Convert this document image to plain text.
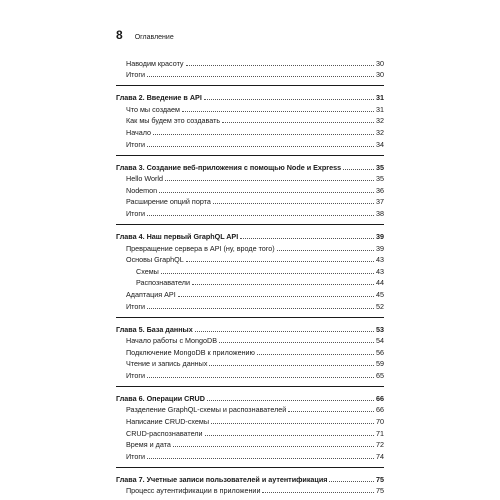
8 Оглавление
Наводим красоту	30
Итоги	30
Глава 2. Введение в API	31
Что мы создаем	31
Как мы будем это создавать	32
Начало	32
Итоги	34
Глава 3. Создание веб-приложения с помощью Node и Express	35
Hello World	35
Nodemon	36
Расширение опций порта	37
Итоги	38
Глава 4. Наш первый GraphQL API	39
Превращение сервера в API (ну, вроде того)	39
Основы GraphQL	43
Схемы	43
Распознаватели	44
Адаптация API	45
Итоги	52
Глава 5. База данных	53
Начало работы с MongoDB	54
Подключение MongoDB к приложению	56
Чтение и запись данных	59
Итоги	65
Глава 6. Операции CRUD	66
Разделение GraphQL-схемы и распознавателей	66
Написание CRUD-схемы	70
CRUD-распознаватели	71
Время и дата	72
Итоги	74
Глава 7. Учетные записи пользователей и аутентификация	75
Процесс аутентификации в приложении	75
